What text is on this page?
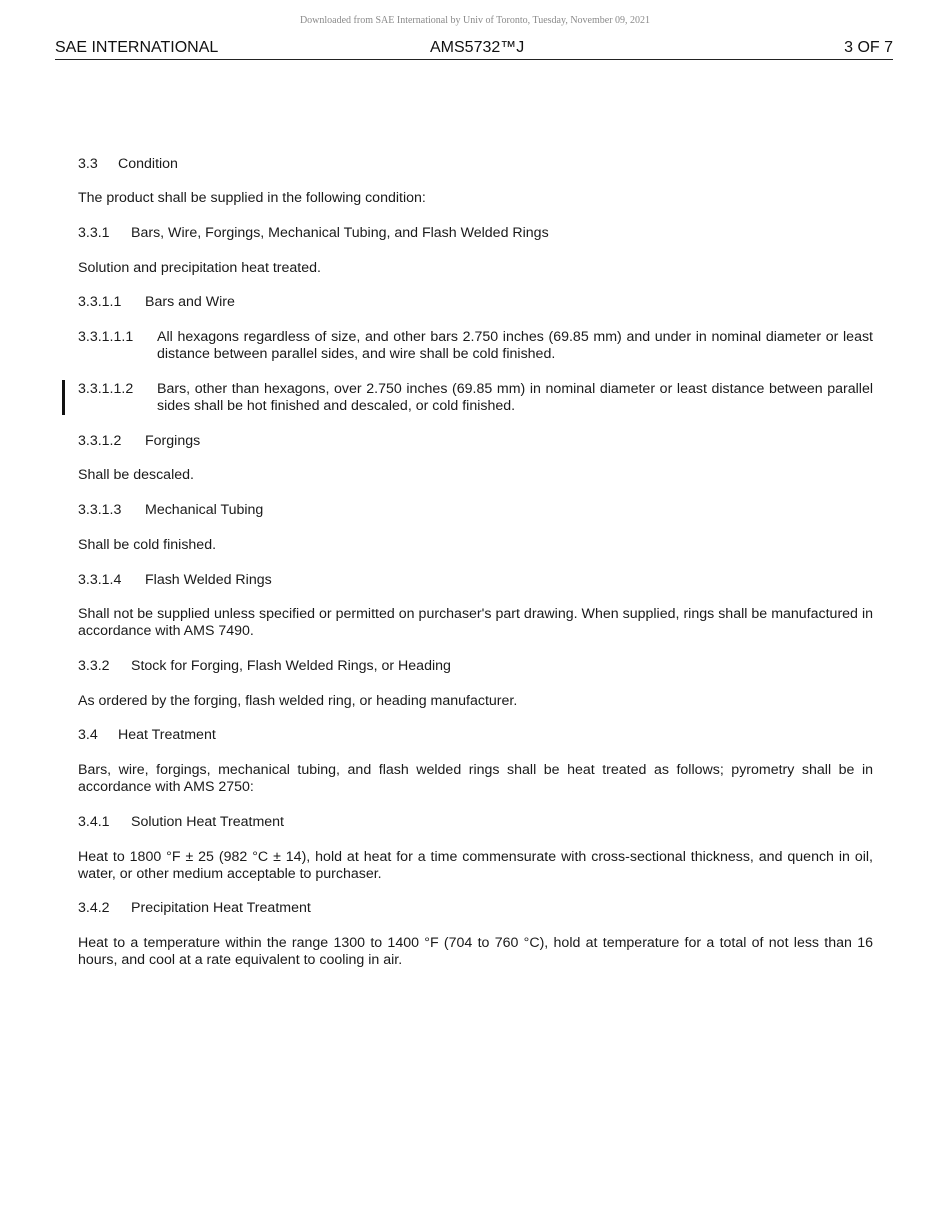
Downloaded from SAE International by Univ of Toronto, Tuesday, November 09, 2021
SAE INTERNATIONAL	AMS5732™J	3 OF 7
3.3 Condition
The product shall be supplied in the following condition:
3.3.1 Bars, Wire, Forgings, Mechanical Tubing, and Flash Welded Rings
Solution and precipitation heat treated.
3.3.1.1 Bars and Wire
3.3.1.1.1 All hexagons regardless of size, and other bars 2.750 inches (69.85 mm) and under in nominal diameter or least distance between parallel sides, and wire shall be cold finished.
3.3.1.1.2 Bars, other than hexagons, over 2.750 inches (69.85 mm) in nominal diameter or least distance between parallel sides shall be hot finished and descaled, or cold finished.
3.3.1.2 Forgings
Shall be descaled.
3.3.1.3 Mechanical Tubing
Shall be cold finished.
3.3.1.4 Flash Welded Rings
Shall not be supplied unless specified or permitted on purchaser's part drawing. When supplied, rings shall be manufactured in accordance with AMS 7490.
3.3.2 Stock for Forging, Flash Welded Rings, or Heading
As ordered by the forging, flash welded ring, or heading manufacturer.
3.4 Heat Treatment
Bars, wire, forgings, mechanical tubing, and flash welded rings shall be heat treated as follows; pyrometry shall be in accordance with AMS 2750:
3.4.1 Solution Heat Treatment
Heat to 1800 °F ± 25 (982 °C ± 14), hold at heat for a time commensurate with cross-sectional thickness, and quench in oil, water, or other medium acceptable to purchaser.
3.4.2 Precipitation Heat Treatment
Heat to a temperature within the range 1300 to 1400 °F (704 to 760 °C), hold at temperature for a total of not less than 16 hours, and cool at a rate equivalent to cooling in air.
